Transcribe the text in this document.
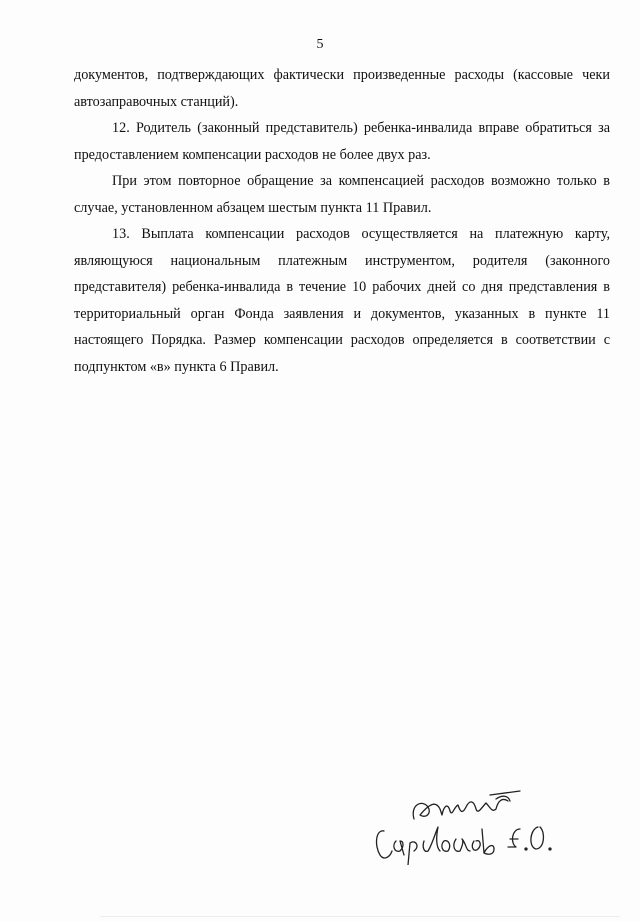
5

документов, подтверждающих фактически произведенные расходы (кассовые чеки автозаправочных станций).

12. Родитель (законный представитель) ребенка-инвалида вправе обратиться за предоставлением компенсации расходов не более двух раз.

При этом повторное обращение за компенсацией расходов возможно только в случае, установленном абзацем шестым пункта 11 Правил.

13. Выплата компенсации расходов осуществляется на платежную карту, являющуюся национальным платежным инструментом, родителя (законного представителя) ребенка-инвалида в течение 10 рабочих дней со дня представления в территориальный орган Фонда заявления и документов, указанных в пункте 11 настоящего Порядка. Размер компенсации расходов определяется в соответствии с подпунктом «в» пункта 6 Правил.
